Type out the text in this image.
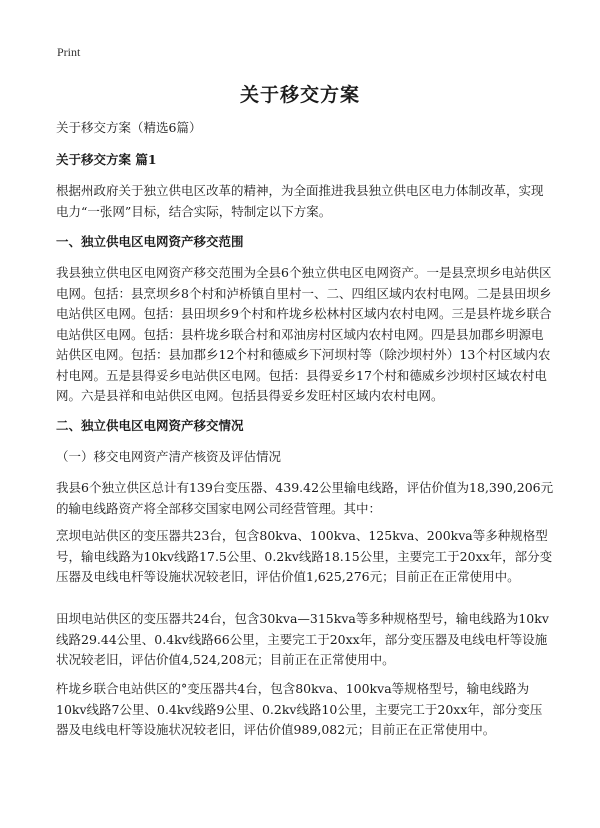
Print
关于移交方案

关于移交方案（精选6篇）

关于移交方案 篇1

根据州政府关于独立供电区改革的精神，为全面推进我县独立供电区电力体制改革，实现电力“一张网”目标，结合实际，特制定以下方案。

一、独立供电区电网资产移交范围

我县独立供电区电网资产移交范围为全县6个独立供电区电网资产。一是县烹坝乡电站供区电网。包括：县烹坝乡8个村和泸桥镇自里村一、二、四组区域内农村电网。二是县田坝乡电站供区电网。包括：县田坝乡9个村和杵垅乡松林村区域内农村电网。三是县杵垅乡联合电站供区电网。包括：县杵垅乡联合村和邓油房村区域内农村电网。四是县加郡乡明源电站供区电网。包括：县加郡乡12个村和德威乡下河坝村等（除沙坝村外）13个村区域内农村电网。五是县得妥乡电站供区电网。包括：县得妥乡17个村和德威乡沙坝村区域农村电网。六是县祥和电站供区电网。包括县得妥乡发旺村区域内农村电网。

二、独立供电区电网资产移交情况

（一）移交电网资产清产核资及评估情况

我县6个独立供区总计有139台变压器、439.42公里输电线路，评估价值为18,390,206元的输电线路资产将全部移交国家电网公司经营管理。其中：

烹坝电站供区的变压器共23台，包含80kva、100kva、125kva、200kva等多种规格型号，输电线路为10kv线路17.5公里、0.2kv线路18.15公里，主要完工于20xx年，部分变压器及电线电杆等设施状况较老旧，评估价值1,625,276元；目前正在正常使用中。

田坝电站供区的变压器共24台，包含30kva—315kva等多种规格型号，输电线路为10kv线路29.44公里、0.4kv线路66公里，主要完工于20xx年，部分变压器及电线电杆等设施状况较老旧，评估价值4,524,208元；目前正在正常使用中。

杵垅乡联合电站供区的°变压器共4台，包含80kva、100kva等规格型号，输电线路为10kv线路7公里、0.4kv线路9公里、0.2kv线路10公里，主要完工于20xx年，部分变压器及电线电杆等设施状况较老旧，评估价值989,082元；目前正在正常使用中。
